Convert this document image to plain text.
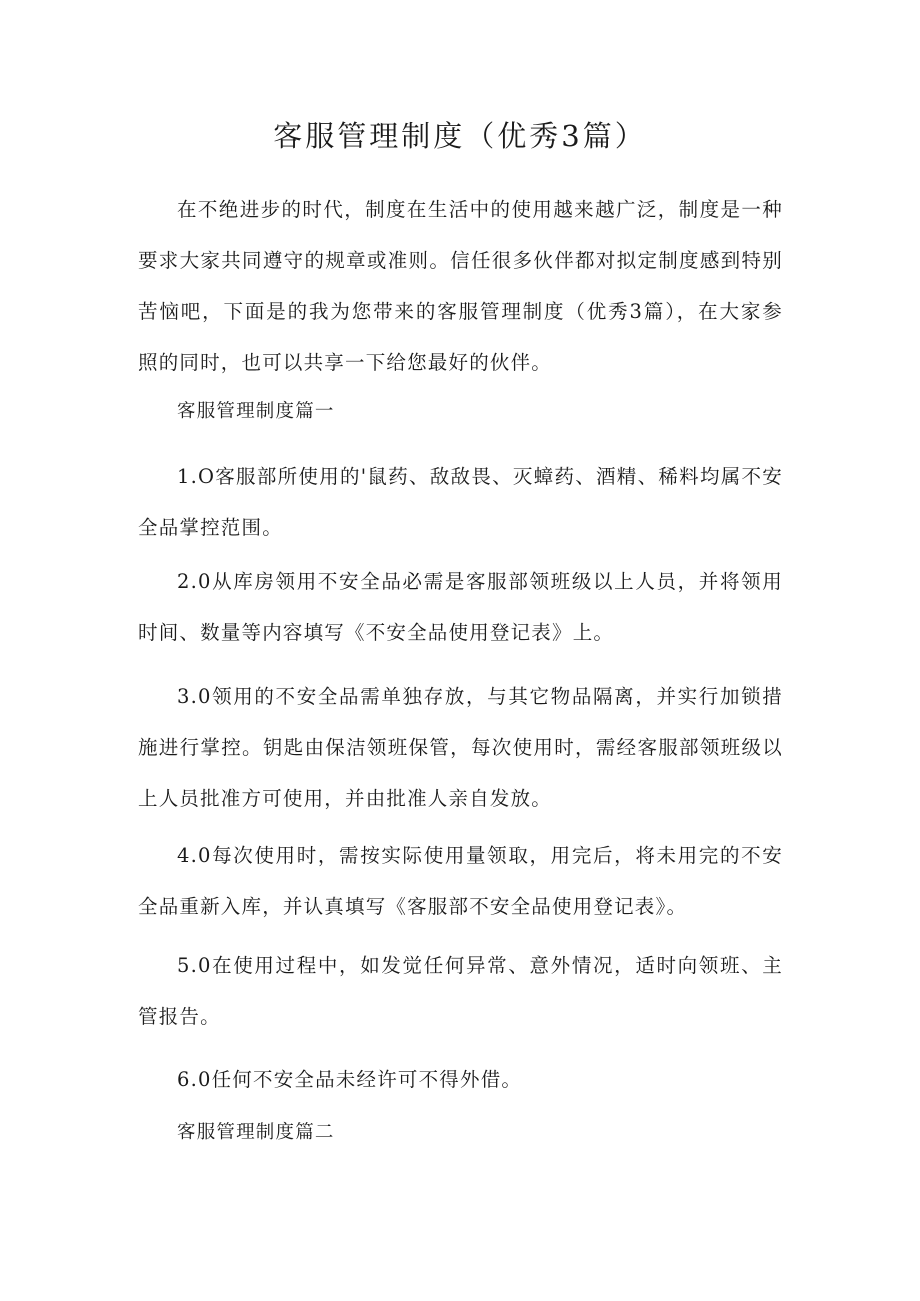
客服管理制度（优秀3篇）

在不绝进步的时代，制度在生活中的使用越来越广泛，制度是一种要求大家共同遵守的规章或准则。信任很多伙伴都对拟定制度感到特别苦恼吧，下面是的我为您带来的客服管理制度（优秀3篇），在大家参照的同时，也可以共享一下给您最好的伙伴。

客服管理制度篇一

1.O客服部所使用的'鼠药、敌敌畏、灭蟑药、酒精、稀料均属不安全品掌控范围。

2.0从库房领用不安全品必需是客服部领班级以上人员，并将领用时间、数量等内容填写《不安全品使用登记表》上。

3.0领用的不安全品需单独存放，与其它物品隔离，并实行加锁措施进行掌控。钥匙由保洁领班保管，每次使用时，需经客服部领班级以上人员批准方可使用，并由批准人亲自发放。

4.0每次使用时，需按实际使用量领取，用完后，将未用完的不安全品重新入库，并认真填写《客服部不安全品使用登记表》。

5.0在使用过程中，如发觉任何异常、意外情况，适时向领班、主管报告。

6.0任何不安全品未经许可不得外借。

客服管理制度篇二
